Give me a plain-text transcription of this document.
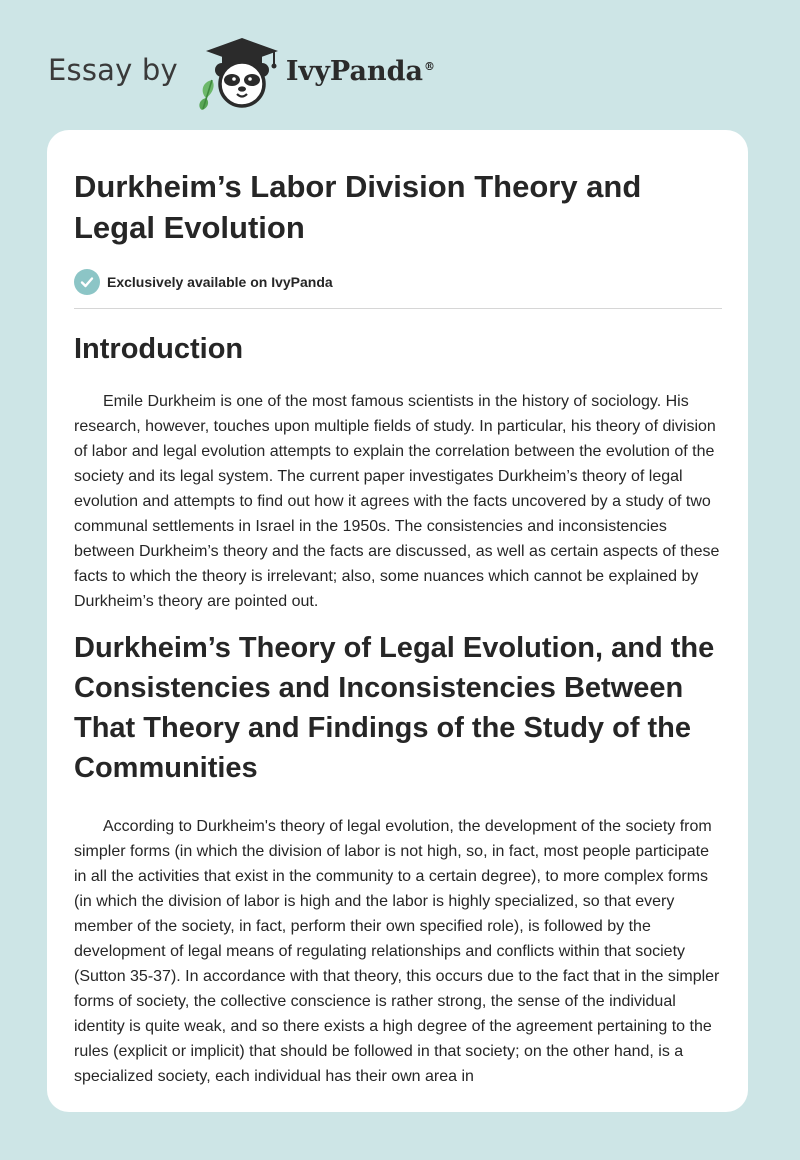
Essay by	IvyPanda®
Durkheim’s Labor Division Theory and Legal Evolution
Exclusively available on IvyPanda
Introduction

Emile Durkheim is one of the most famous scientists in the history of sociology. His research, however, touches upon multiple fields of study. In particular, his theory of division of labor and legal evolution attempts to explain the correlation between the evolution of the society and its legal system. The current paper investigates Durkheim’s theory of legal evolution and attempts to find out how it agrees with the facts uncovered by a study of two communal settlements in Israel in the 1950s. The consistencies and inconsistencies between Durkheim’s theory and the facts are discussed, as well as certain aspects of these facts to which the theory is irrelevant; also, some nuances which cannot be explained by Durkheim’s theory are pointed out.

Durkheim’s Theory of Legal Evolution, and the Consistencies and Inconsistencies Between That Theory and Findings of the Study of the Communities

According to Durkheim's theory of legal evolution, the development of the society from simpler forms (in which the division of labor is not high, so, in fact, most people participate in all the activities that exist in the community to a certain degree), to more complex forms (in which the division of labor is high and the labor is highly specialized, so that every member of the society, in fact, perform their own specified role), is followed by the development of legal means of regulating relationships and conflicts within that society (Sutton 35-37). In accordance with that theory, this occurs due to the fact that in the simpler forms of society, the collective conscience is rather strong, the sense of the individual identity is quite weak, and so there exists a high degree of the agreement pertaining to the rules (explicit or implicit) that should be followed in that society; on the other hand, is a specialized society, each individual has their own area in
